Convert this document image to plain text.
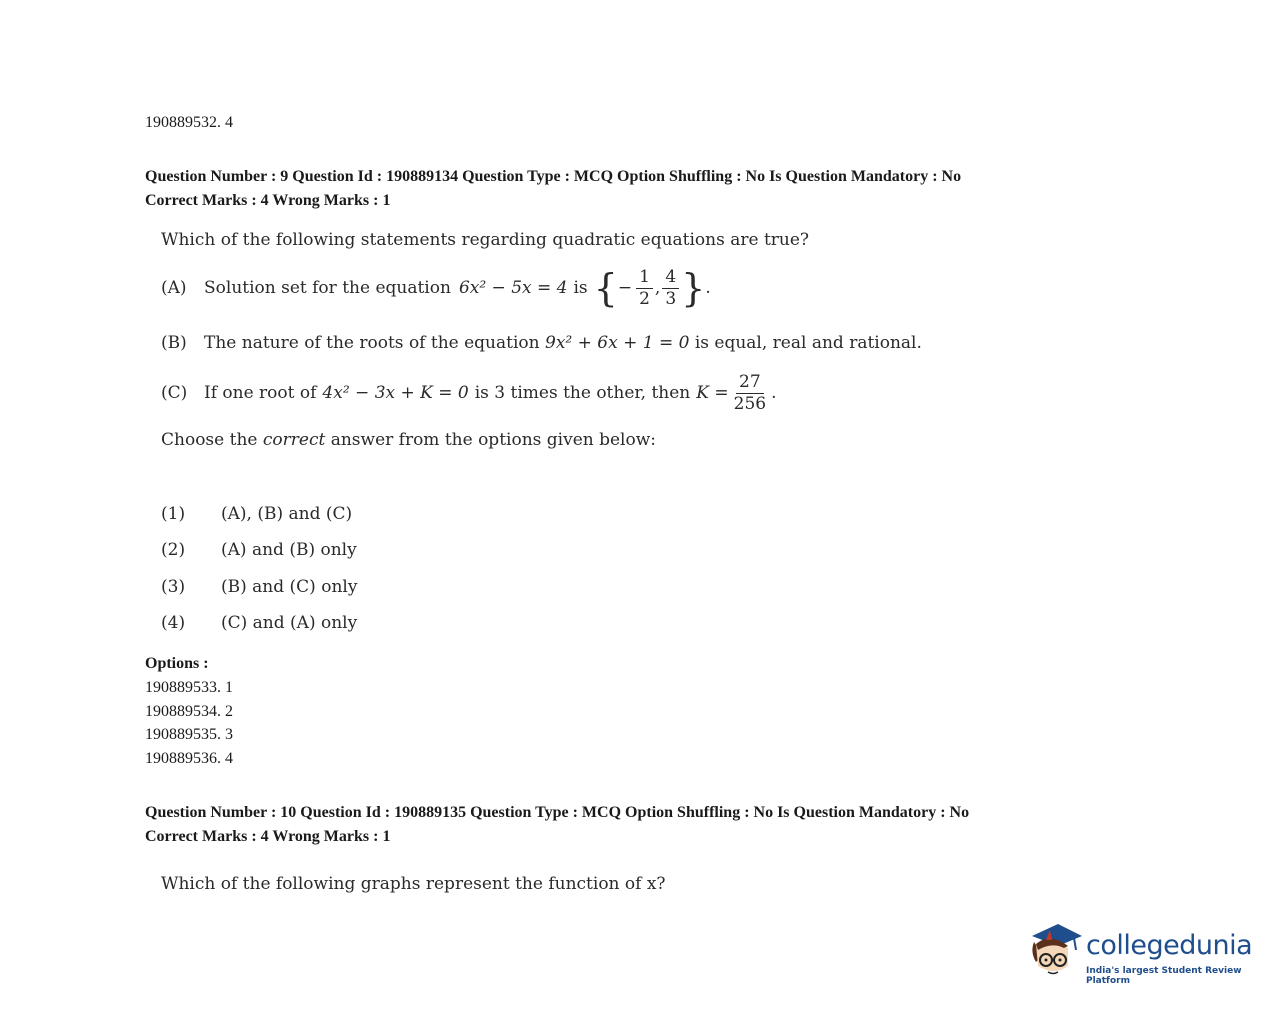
190889532. 4
Question Number : 9 Question Id : 190889134 Question Type : MCQ Option Shuffling : No Is Question Mandatory : No
Correct Marks : 4 Wrong Marks : 1
Which of the following statements regarding quadratic equations are true?
(A)	Solution set for the equation 6x² − 5x = 4 is { − $\frac{1}{2}$ , $\frac{4}{3}$ } .
(B) The nature of the roots of the equation 9x² + 6x + 1 = 0 is equal, real and rational.
(C) If one root of 4x² − 3x + K = 0 is 3 times the other, then $K = \frac{27}{256}$ .
Choose the correct answer from the options given below:
(1) (A), (B) and (C)
(2) (A) and (B) only
(3) (B) and (C) only
(4) (C) and (A) only
Options :
190889533. 1
190889534. 2
190889535. 3
190889536. 4
Question Number : 10 Question Id : 190889135 Question Type : MCQ Option Shuffling : No Is Question Mandatory : No
Correct Marks : 4 Wrong Marks : 1
Which of the following graphs represent the function of x?
collegedunia
India's largest Student Review Platform
